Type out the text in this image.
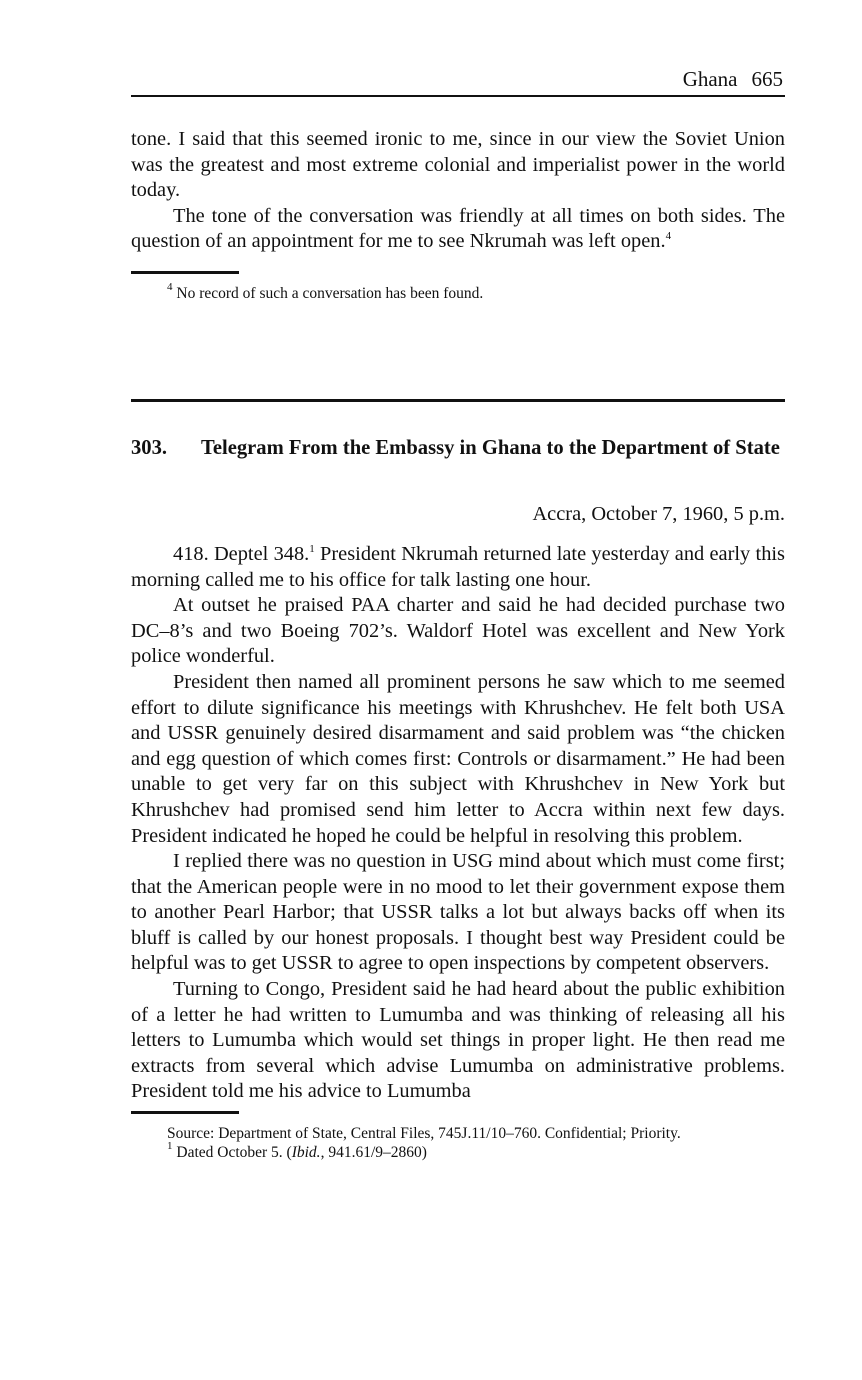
Ghana 665

tone. I said that this seemed ironic to me, since in our view the Soviet Union was the greatest and most extreme colonial and imperialist power in the world today.

The tone of the conversation was friendly at all times on both sides. The question of an appointment for me to see Nkrumah was left open.$^4$

$^4$ No record of such a conversation has been found.

303.	Telegram From the Embassy in Ghana to the Department of State
Accra, October 7, 1960, 5 p.m.

418. Deptel 348.$^1$ President Nkrumah returned late yesterday and early this morning called me to his office for talk lasting one hour.

At outset he praised PAA charter and said he had decided purchase two DC–8’s and two Boeing 702’s. Waldorf Hotel was excellent and New York police wonderful.

President then named all prominent persons he saw which to me seemed effort to dilute significance his meetings with Khrushchev. He felt both USA and USSR genuinely desired disarmament and said problem was “the chicken and egg question of which comes first: Controls or disarmament.” He had been unable to get very far on this subject with Khrushchev in New York but Khrushchev had promised send him letter to Accra within next few days. President indicated he hoped he could be helpful in resolving this problem.

I replied there was no question in USG mind about which must come first; that the American people were in no mood to let their government expose them to another Pearl Harbor; that USSR talks a lot but always backs off when its bluff is called by our honest proposals. I thought best way President could be helpful was to get USSR to agree to open inspections by competent observers.

Turning to Congo, President said he had heard about the public exhibition of a letter he had written to Lumumba and was thinking of releasing all his letters to Lumumba which would set things in proper light. He then read me extracts from several which advise Lumumba on administrative problems. President told me his advice to Lumumba

Source: Department of State, Central Files, 745J.11/10–760. Confidential; Priority.

$^1$ Dated October 5. (Ibid., 941.61/9–2860)
